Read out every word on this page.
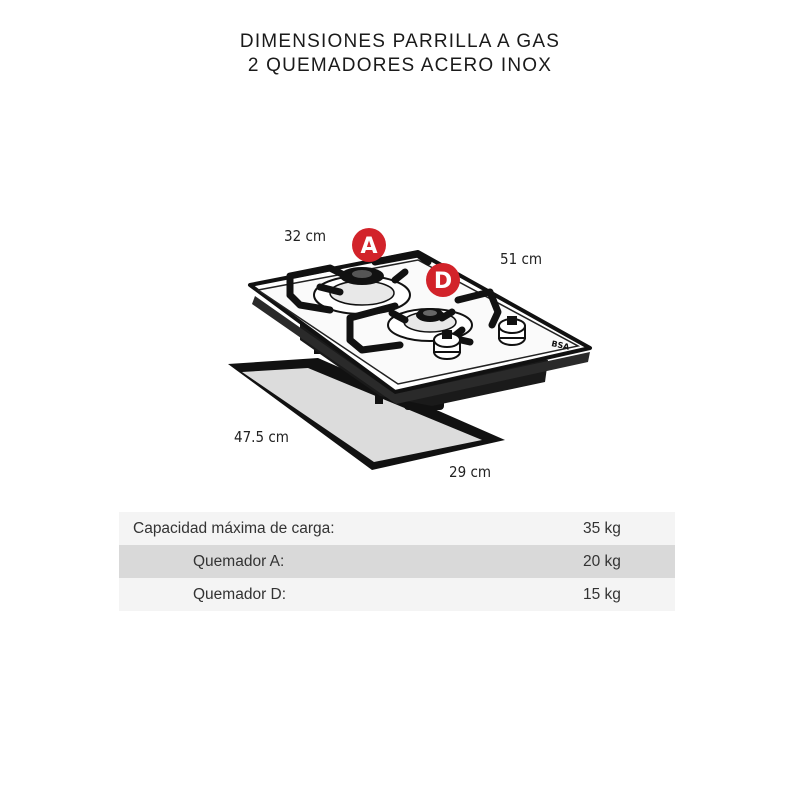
DIMENSIONES PARRILLA A GAS
2 QUEMADORES ACERO INOX
BSA
A
D
32 cm
51 cm
47.5 cm
29 cm
Capacidad máxima de carga:	35 kg
Quemador A:	20 kg
Quemador D:	15 kg
